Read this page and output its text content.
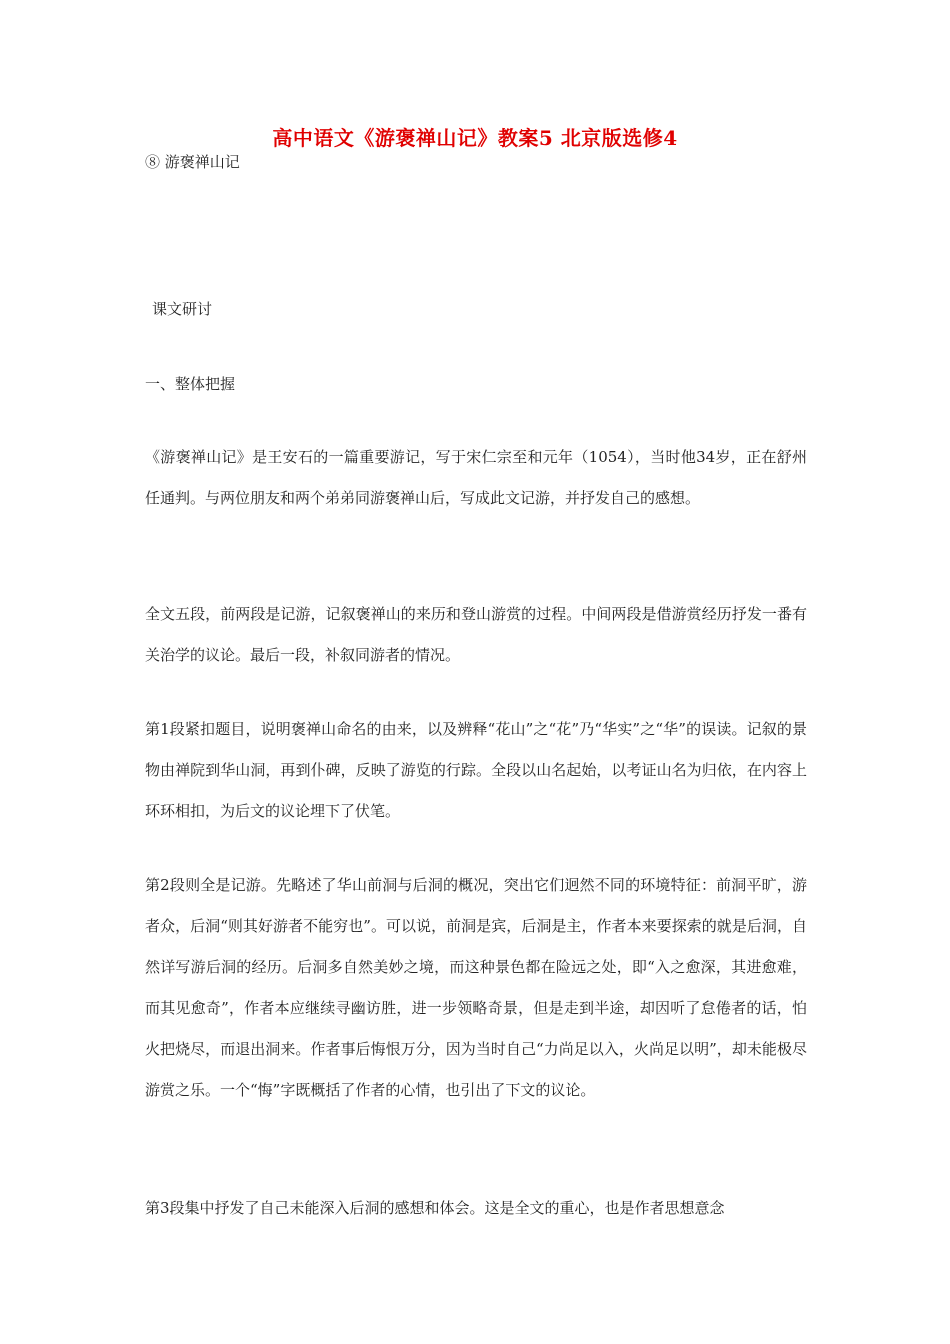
高中语文《游褒禅山记》教案5 北京版选修4

⑧ 游褒禅山记

课文研讨

一、整体把握

《游褒禅山记》是王安石的一篇重要游记，写于宋仁宗至和元年（1054），当时他34岁，正在舒州任通判。与两位朋友和两个弟弟同游褒禅山后，写成此文记游，并抒发自己的感想。

全文五段，前两段是记游，记叙褒禅山的来历和登山游赏的过程。中间两段是借游赏经历抒发一番有关治学的议论。最后一段，补叙同游者的情况。

第1段紧扣题目，说明褒禅山命名的由来，以及辨释“花山”之“花”乃“华实”之“华”的误读。记叙的景物由禅院到华山洞，再到仆碑，反映了游览的行踪。全段以山名起始，以考证山名为归依，在内容上环环相扣，为后文的议论埋下了伏笔。

第2段则全是记游。先略述了华山前洞与后洞的概况，突出它们迥然不同的环境特征：前洞平旷，游者众，后洞“则其好游者不能穷也”。可以说，前洞是宾，后洞是主，作者本来要探索的就是后洞，自然详写游后洞的经历。后洞多自然美妙之境，而这种景色都在险远之处，即“入之愈深，其进愈难，而其见愈奇”，作者本应继续寻幽访胜，进一步领略奇景，但是走到半途，却因听了怠倦者的话，怕火把烧尽，而退出洞来。作者事后悔恨万分，因为当时自己“力尚足以入，火尚足以明”，却未能极尽游赏之乐。一个“悔”字既概括了作者的心情，也引出了下文的议论。

第3段集中抒发了自己未能深入后洞的感想和体会。这是全文的重心，也是作者思想意念
